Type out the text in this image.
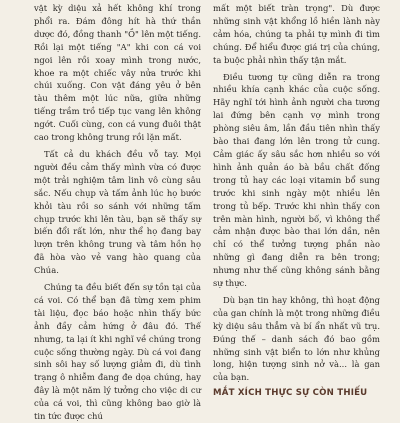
vật kỳ diệu xả hết không khí trong phổi ra. Đám đông hít hà thứ thần dược đó, đồng thanh "Ồ" lên một tiếng. Rồi lại một tiếng "A" khi con cá voi ngoi lên rồi xoay mình trong nước, khoe ra một chiếc vây nửa trước khi chúi xuống. Con vật đáng yêu ở bên tàu thêm một lúc nữa, giữa những tiếng trầm trồ tiếp tục vang lên không ngớt. Cuối cùng, con cá vung đuôi thật cao trong không trung rồi lặn mất.

Tất cả du khách đều vỗ tay. Mọi người đều cảm thấy mình vừa có được một trải nghiệm tâm linh vô cùng sâu sắc. Nếu chụp và tấm ảnh lúc họ bước khỏi tàu rồi so sánh với những tấm chụp trước khi lên tàu, bạn sẽ thấy sự biến đổi rất lớn, như thể họ đang bay lượn trên không trung và tâm hồn họ đã hòa vào vẻ vang hào quang của Chúa.

Chúng ta đều biết đến sự tồn tại của cá voi. Có thể bạn đã từng xem phim tài liệu, đọc báo hoặc nhìn thấy bức ảnh đầy cảm hứng ở đâu đó. Thế nhưng, ta lại ít khi nghĩ về chúng trong cuộc sống thường ngày. Dù cá voi đang sinh sôi hay số lượng giảm đi, dù tình trạng ô nhiễm đang đe dọa chúng, hay đây là một năm lý tưởng cho việc di cư của cá voi, thì cũng không bao giờ là tin tức được chú

mất một biết tràn trọng". Dù được những sinh vật khổng lồ hiền lành này cảm hóa, chúng ta phải tự mình đi tìm chúng. Để hiểu được giá trị của chúng, ta buộc phải nhìn thấy tận mắt.

Điều tương tự cũng diễn ra trong nhiều khía cạnh khác của cuộc sống. Hãy nghĩ tới hình ảnh người cha tương lai đứng bên cạnh vợ mình trong phòng siêu âm, lần đầu tiên nhìn thấy bào thai đang lớn lên trong tử cung. Cảm giác ấy sâu sắc hơn nhiều so với hình ảnh quản áo bà bầu chất đống trong tủ hay các loại vitamin bổ sung trước khi sinh ngày một nhiều lên trong tủ bếp. Trước khi nhìn thấy con trên màn hình, người bố, vì không thể cảm nhận được bào thai lớn dần, nên chỉ có thể tưởng tượng phần nào những gì đang diễn ra bên trong; nhưng như thế cũng không sánh bằng sự thực.

Dù bạn tin hay không, thì hoạt động của gan chính là một trong những điều kỳ diệu sâu thẳm và bí ẩn nhất vũ trụ. Đúng thế – danh sách đó bao gồm những sinh vật biển to lớn như khủng long, hiện tượng sinh nở và... là gan của bạn.

MẮT XÍCH THỰC SỰ CÒN THIẾU
